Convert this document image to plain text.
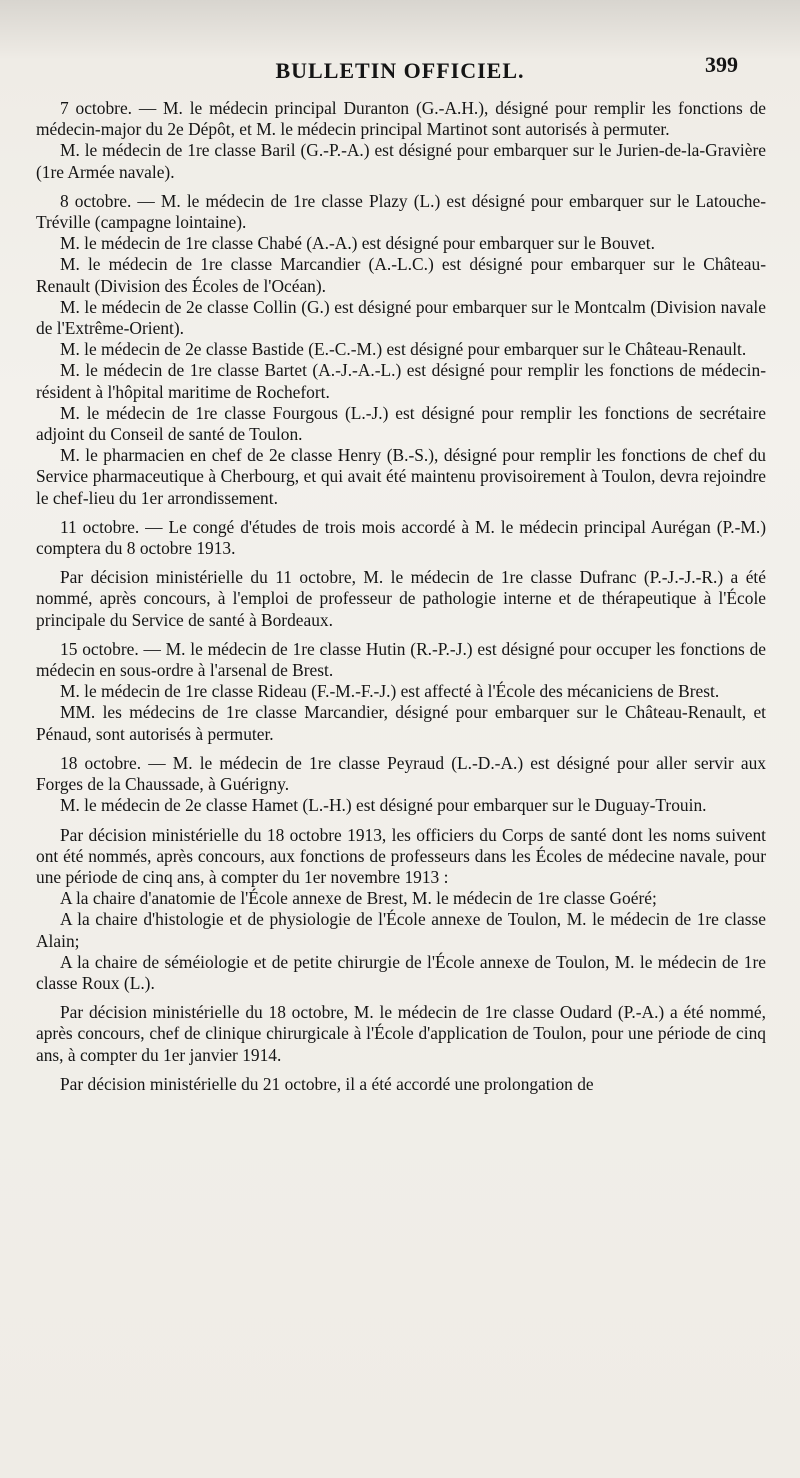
BULLETIN OFFICIEL.	399

7 octobre. — M. le médecin principal Duranton (G.-A.H.), désigné pour remplir les fonctions de médecin-major du 2e Dépôt, et M. le médecin principal Martinot sont autorisés à permuter.

M. le médecin de 1re classe Baril (G.-P.-A.) est désigné pour embarquer sur le Jurien-de-la-Gravière (1re Armée navale).

8 octobre. — M. le médecin de 1re classe Plazy (L.) est désigné pour embarquer sur le Latouche-Tréville (campagne lointaine).

M. le médecin de 1re classe Chabé (A.-A.) est désigné pour embarquer sur le Bouvet.

M. le médecin de 1re classe Marcandier (A.-L.C.) est désigné pour embarquer sur le Château-Renault (Division des Écoles de l'Océan).

M. le médecin de 2e classe Collin (G.) est désigné pour embarquer sur le Montcalm (Division navale de l'Extrême-Orient).

M. le médecin de 2e classe Bastide (E.-C.-M.) est désigné pour embarquer sur le Château-Renault.

M. le médecin de 1re classe Bartet (A.-J.-A.-L.) est désigné pour remplir les fonctions de médecin-résident à l'hôpital maritime de Rochefort.

M. le médecin de 1re classe Fourgous (L.-J.) est désigné pour remplir les fonctions de secrétaire adjoint du Conseil de santé de Toulon.

M. le pharmacien en chef de 2e classe Henry (B.-S.), désigné pour remplir les fonctions de chef du Service pharmaceutique à Cherbourg, et qui avait été maintenu provisoirement à Toulon, devra rejoindre le chef-lieu du 1er arrondissement.

11 octobre. — Le congé d'études de trois mois accordé à M. le médecin principal Aurégan (P.-M.) comptera du 8 octobre 1913.

Par décision ministérielle du 11 octobre, M. le médecin de 1re classe Dufranc (P.-J.-J.-R.) a été nommé, après concours, à l'emploi de professeur de pathologie interne et de thérapeutique à l'École principale du Service de santé à Bordeaux.

15 octobre. — M. le médecin de 1re classe Hutin (R.-P.-J.) est désigné pour occuper les fonctions de médecin en sous-ordre à l'arsenal de Brest.

M. le médecin de 1re classe Rideau (F.-M.-F.-J.) est affecté à l'École des mécaniciens de Brest.

MM. les médecins de 1re classe Marcandier, désigné pour embarquer sur le Château-Renault, et Pénaud, sont autorisés à permuter.

18 octobre. — M. le médecin de 1re classe Peyraud (L.-D.-A.) est désigné pour aller servir aux Forges de la Chaussade, à Guérigny.

M. le médecin de 2e classe Hamet (L.-H.) est désigné pour embarquer sur le Duguay-Trouin.

Par décision ministérielle du 18 octobre 1913, les officiers du Corps de santé dont les noms suivent ont été nommés, après concours, aux fonctions de professeurs dans les Écoles de médecine navale, pour une période de cinq ans, à compter du 1er novembre 1913 :

A la chaire d'anatomie de l'École annexe de Brest, M. le médecin de 1re classe Goéré;

A la chaire d'histologie et de physiologie de l'École annexe de Toulon, M. le médecin de 1re classe Alain;

A la chaire de séméiologie et de petite chirurgie de l'École annexe de Toulon, M. le médecin de 1re classe Roux (L.).

Par décision ministérielle du 18 octobre, M. le médecin de 1re classe Oudard (P.-A.) a été nommé, après concours, chef de clinique chirurgicale à l'École d'application de Toulon, pour une période de cinq ans, à compter du 1er janvier 1914.

Par décision ministérielle du 21 octobre, il a été accordé une prolongation de
